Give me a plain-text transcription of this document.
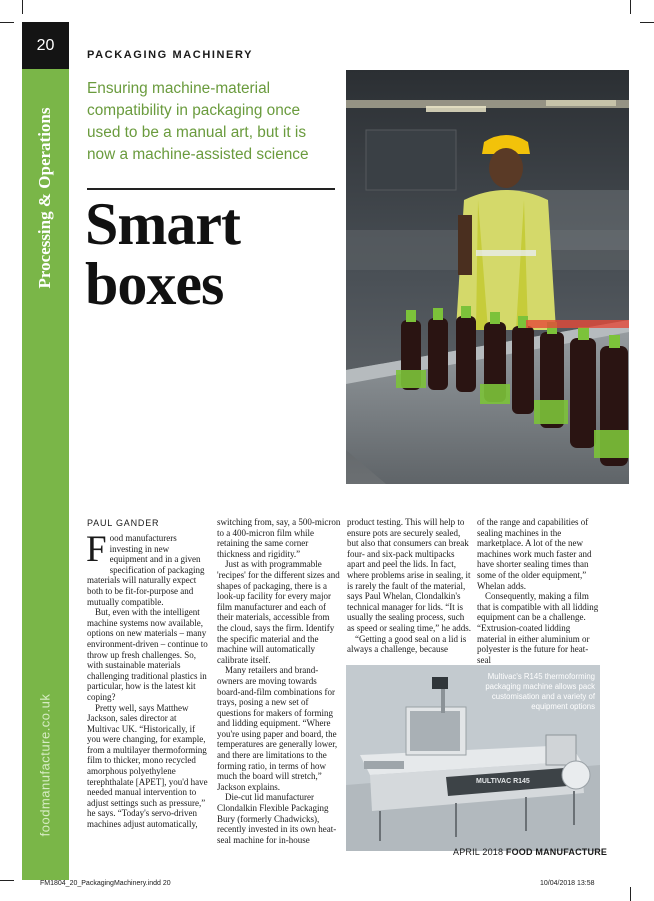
20
Processing & Operations
foodmanufacture.co.uk
PACKAGING MACHINERY
Ensuring machine-material compatibility in packaging once used to be a manual art, but it is now a machine-assisted science
Smart
boxes
PAUL GANDER

Food manufacturers investing in new equipment and in a given specification of packaging materials will naturally expect both to be fit-for-purpose and mutually compatible.

But, even with the intelligent machine systems now available, options on new materials – many environment-driven – continue to throw up fresh challenges. So, with sustainable materials challenging traditional plastics in particular, how is the latest kit coping?

Pretty well, says Matthew Jackson, sales director at Multivac UK. “Historically, if you were changing, for example, from a multilayer thermoforming film to thicker, mono recycled amorphous polyethylene terephthalate [APET], you'd have needed manual intervention to adjust settings such as pressure,” he says. “Today's servo-driven machines adjust automatically,

switching from, say, a 500-micron to a 400-micron film while retaining the same corner thickness and rigidity.”

Just as with programmable 'recipes' for the different sizes and shapes of packaging, there is a look-up facility for every major film manufacturer and each of their materials, accessible from the cloud, says the firm. Identify the specific material and the machine will automatically calibrate itself.

Many retailers and brand-owners are moving towards board-and-film combinations for trays, posing a new set of questions for makers of forming and lidding equipment. “Where you're using paper and board, the temperatures are generally lower, and there are limitations to the forming ratio, in terms of how much the board will stretch,” Jackson explains.

Die-cut lid manufacturer Clondalkin Flexible Packaging Bury (formerly Chadwicks), recently invested in its own heat-seal machine for in-house

product testing. This will help to ensure pots are securely sealed, but also that consumers can break four- and six-pack multipacks apart and peel the lids. In fact, where problems arise in sealing, it is rarely the fault of the material, says Paul Whelan, Clondalkin's technical manager for lids. “It is usually the sealing process, such as speed or sealing time,” he adds.

“Getting a good seal on a lid is always a challenge, because

of the range and capabilities of sealing machines in the marketplace. A lot of the new machines work much faster and have shorter sealing times than some of the older equipment,” Whelan adds.

Consequently, making a film that is compatible with all lidding equipment can be a challenge. “Extrusion-coated lidding material in either aluminium or polyester is the future for heat-seal

MULTIVAC R145
Multivac's R145 thermoforming packaging machine allows pack customisation and a variety of equipment options
APRIL 2018 FOOD MANUFACTURE
FM1804_20_PackagingMachinery.indd 20	10/04/2018 13:58
